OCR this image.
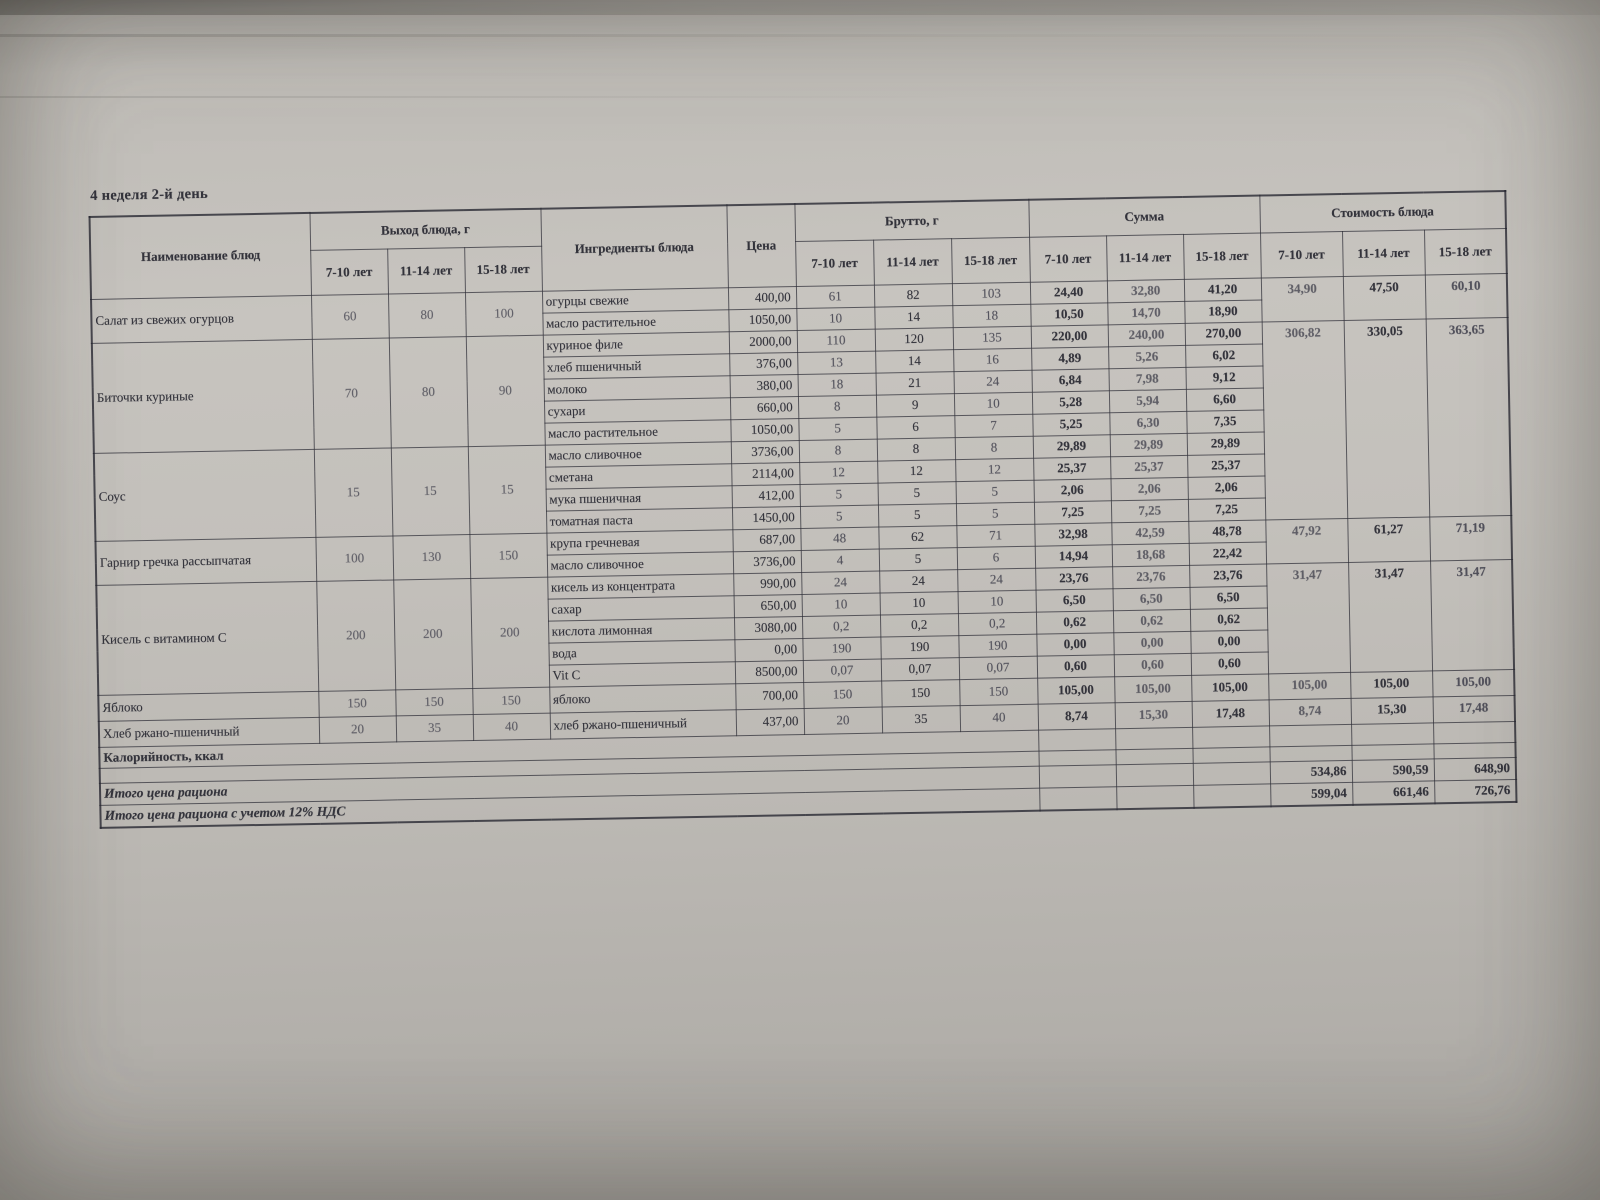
4 неделя 2-й день

Наименование блюд	Выход блюда, г			Ингредиенты блюда	Цена	Брутто, г			Сумма			Стоимость блюда		
	7-10 лет	11-14 лет	15-18 лет			7-10 лет	11-14 лет	15-18 лет	7-10 лет	11-14 лет	15-18 лет	7-10 лет	11-14 лет	15-18 лет
Салат из свежих огурцов	60	80	100	огурцы свежие	400,00	61	82	103	24,40	32,80	41,20	34,90	47,50	60,10
				масло растительное	1050,00	10	14	18	10,50	14,70	18,90			
Биточки куриные	70	80	90	куриное филе	2000,00	110	120	135	220,00	240,00	270,00	306,82	330,05	363,65
				хлеб пшеничный	376,00	13	14	16	4,89	5,26	6,02			
				молоко	380,00	18	21	24	6,84	7,98	9,12			
				сухари	660,00	8	9	10	5,28	5,94	6,60			
				масло растительное	1050,00	5	6	7	5,25	6,30	7,35			
Соус	15	15	15	масло сливочное	3736,00	8	8	8	29,89	29,89	29,89			
				сметана	2114,00	12	12	12	25,37	25,37	25,37			
				мука пшеничная	412,00	5	5	5	2,06	2,06	2,06			
				томатная паста	1450,00	5	5	5	7,25	7,25	7,25			
Гарнир гречка рассыпчатая	100	130	150	крупа гречневая	687,00	48	62	71	32,98	42,59	48,78	47,92	61,27	71,19
				масло сливочное	3736,00	4	5	6	14,94	18,68	22,42			
Кисель с витамином С	200	200	200	кисель из концентрата	990,00	24	24	24	23,76	23,76	23,76	31,47	31,47	31,47
				сахар	650,00	10	10	10	6,50	6,50	6,50			
				кислота лимонная	3080,00	0,2	0,2	0,2	0,62	0,62	0,62			
				вода	0,00	190	190	190	0,00	0,00	0,00			
				Vit C	8500,00	0,07	0,07	0,07	0,60	0,60	0,60			
Яблоко	150	150	150	яблоко	700,00	150	150	150	105,00	105,00	105,00	105,00	105,00	105,00
Хлеб ржано-пшеничный	20	35	40	хлеб ржано-пшеничный	437,00	20	35	40	8,74	15,30	17,48	8,74	15,30	17,48
Калорийность, ккал														

Итого цена рациона												534,86	590,59	648,90
Итого цена рациона с учетом 12% НДС												599,04	661,46	726,76
